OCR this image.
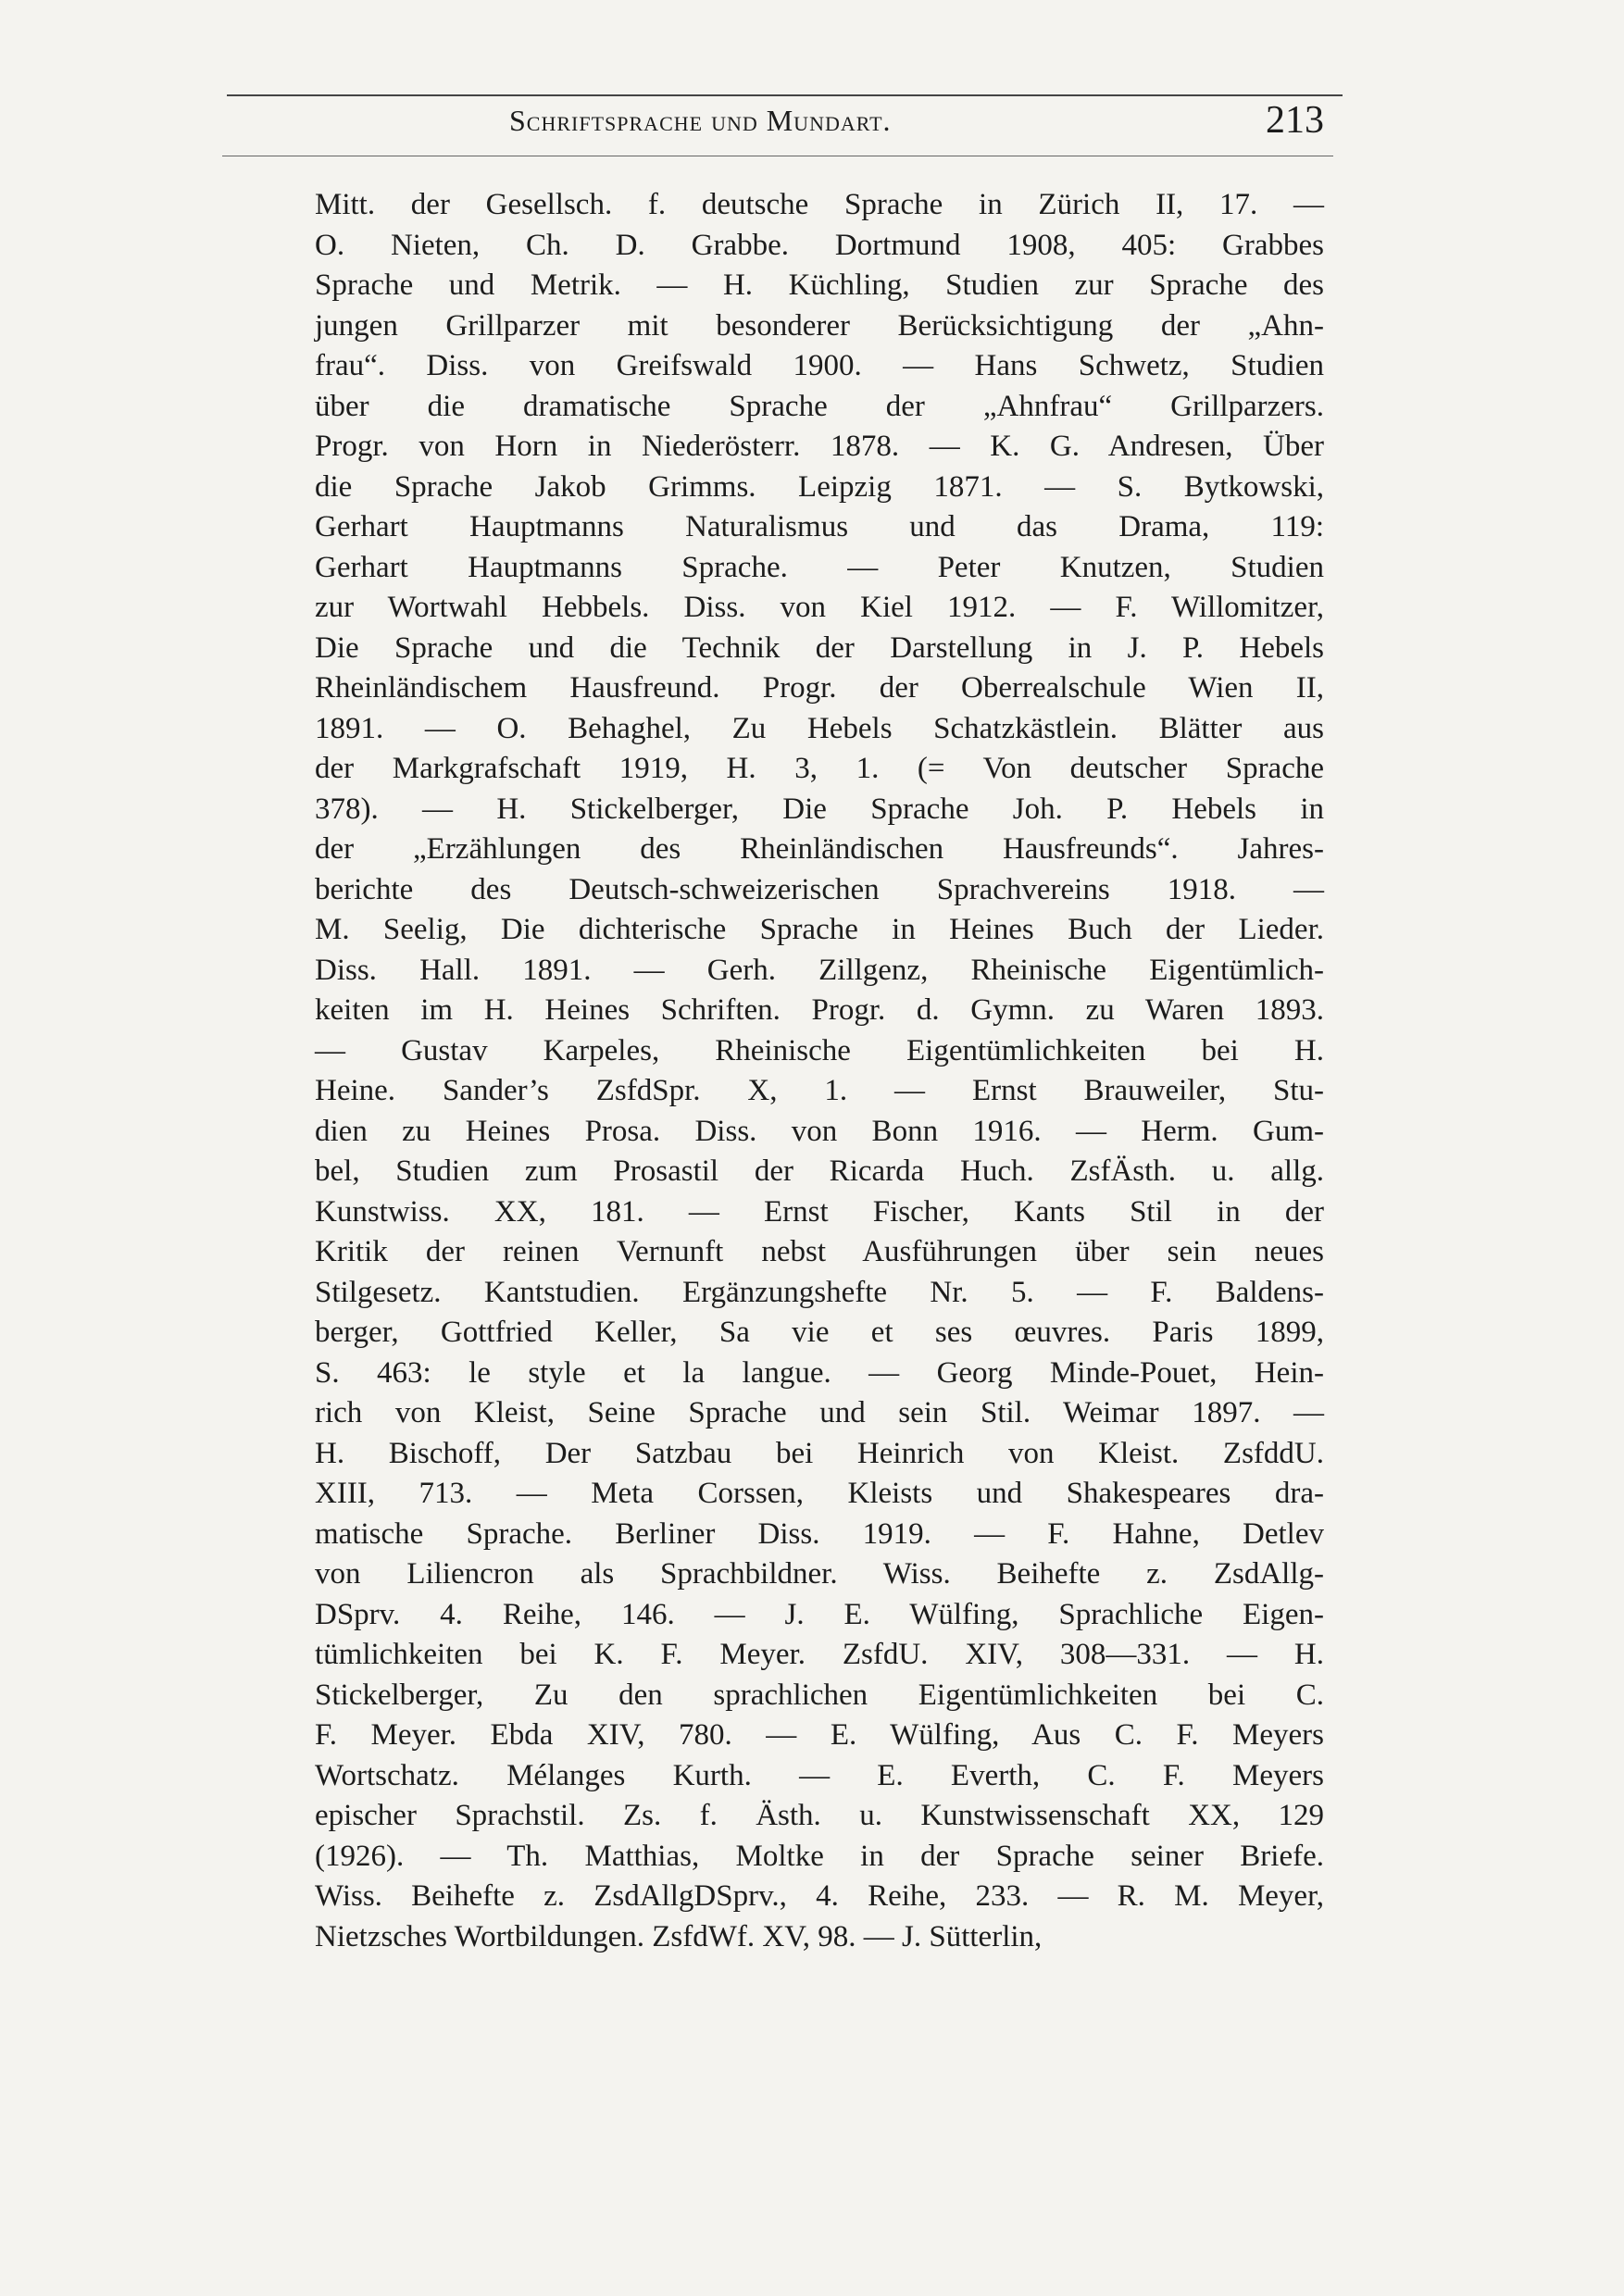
Schriftsprache und Mundart.	213
Mitt. der Gesellsch. f. deutsche Sprache in Zürich II, 17. —
O. Nieten, Ch. D. Grabbe. Dortmund 1908, 405: Grabbes
Sprache und Metrik. — H. Küchling, Studien zur Sprache des
jungen Grillparzer mit besonderer Berücksichtigung der „Ahn-
frau“. Diss. von Greifswald 1900. — Hans Schwetz, Studien
über die dramatische Sprache der „Ahnfrau“ Grillparzers.
Progr. von Horn in Niederösterr. 1878. — K. G. Andresen, Über
die Sprache Jakob Grimms. Leipzig 1871. — S. Bytkowski,
Gerhart Hauptmanns Naturalismus und das Drama, 119:
Gerhart Hauptmanns Sprache. — Peter Knutzen, Studien
zur Wortwahl Hebbels. Diss. von Kiel 1912. — F. Willomitzer,
Die Sprache und die Technik der Darstellung in J. P. Hebels
Rheinländischem Hausfreund. Progr. der Oberrealschule Wien II,
1891. — O. Behaghel, Zu Hebels Schatzkästlein. Blätter aus
der Markgrafschaft 1919, H. 3, 1. (= Von deutscher Sprache
378). — H. Stickelberger, Die Sprache Joh. P. Hebels in
der „Erzählungen des Rheinländischen Hausfreunds“. Jahres-
berichte des Deutsch-schweizerischen Sprachvereins 1918. —
M. Seelig, Die dichterische Sprache in Heines Buch der Lieder.
Diss. Hall. 1891. — Gerh. Zillgenz, Rheinische Eigentümlich-
keiten im H. Heines Schriften. Progr. d. Gymn. zu Waren 1893.
— Gustav Karpeles, Rheinische Eigentümlichkeiten bei H.
Heine. Sander’s ZsfdSpr. X, 1. — Ernst Brauweiler, Stu-
dien zu Heines Prosa. Diss. von Bonn 1916. — Herm. Gum-
bel, Studien zum Prosastil der Ricarda Huch. ZsfÄsth. u. allg.
Kunstwiss. XX, 181. — Ernst Fischer, Kants Stil in der
Kritik der reinen Vernunft nebst Ausführungen über sein neues
Stilgesetz. Kantstudien. Ergänzungshefte Nr. 5. — F. Baldens-
berger, Gottfried Keller, Sa vie et ses œuvres. Paris 1899,
S. 463: le style et la langue. — Georg Minde-Pouet, Hein-
rich von Kleist, Seine Sprache und sein Stil. Weimar 1897. —
H. Bischoff, Der Satzbau bei Heinrich von Kleist. ZsfddU.
XIII, 713. — Meta Corssen, Kleists und Shakespeares dra-
matische Sprache. Berliner Diss. 1919. — F. Hahne, Detlev
von Liliencron als Sprachbildner. Wiss. Beihefte z. ZsdAllg-
DSprv. 4. Reihe, 146. — J. E. Wülfing, Sprachliche Eigen-
tümlichkeiten bei K. F. Meyer. ZsfdU. XIV, 308—331. — H.
Stickelberger, Zu den sprachlichen Eigentümlichkeiten bei C.
F. Meyer. Ebda XIV, 780. — E. Wülfing, Aus C. F. Meyers
Wortschatz. Mélanges Kurth. — E. Everth, C. F. Meyers
epischer Sprachstil. Zs. f. Ästh. u. Kunstwissenschaft XX, 129
(1926). — Th. Matthias, Moltke in der Sprache seiner Briefe.
Wiss. Beihefte z. ZsdAllgDSprv., 4. Reihe, 233. — R. M. Meyer,
Nietzsches Wortbildungen. ZsfdWf. XV, 98. — J. Sütterlin,
